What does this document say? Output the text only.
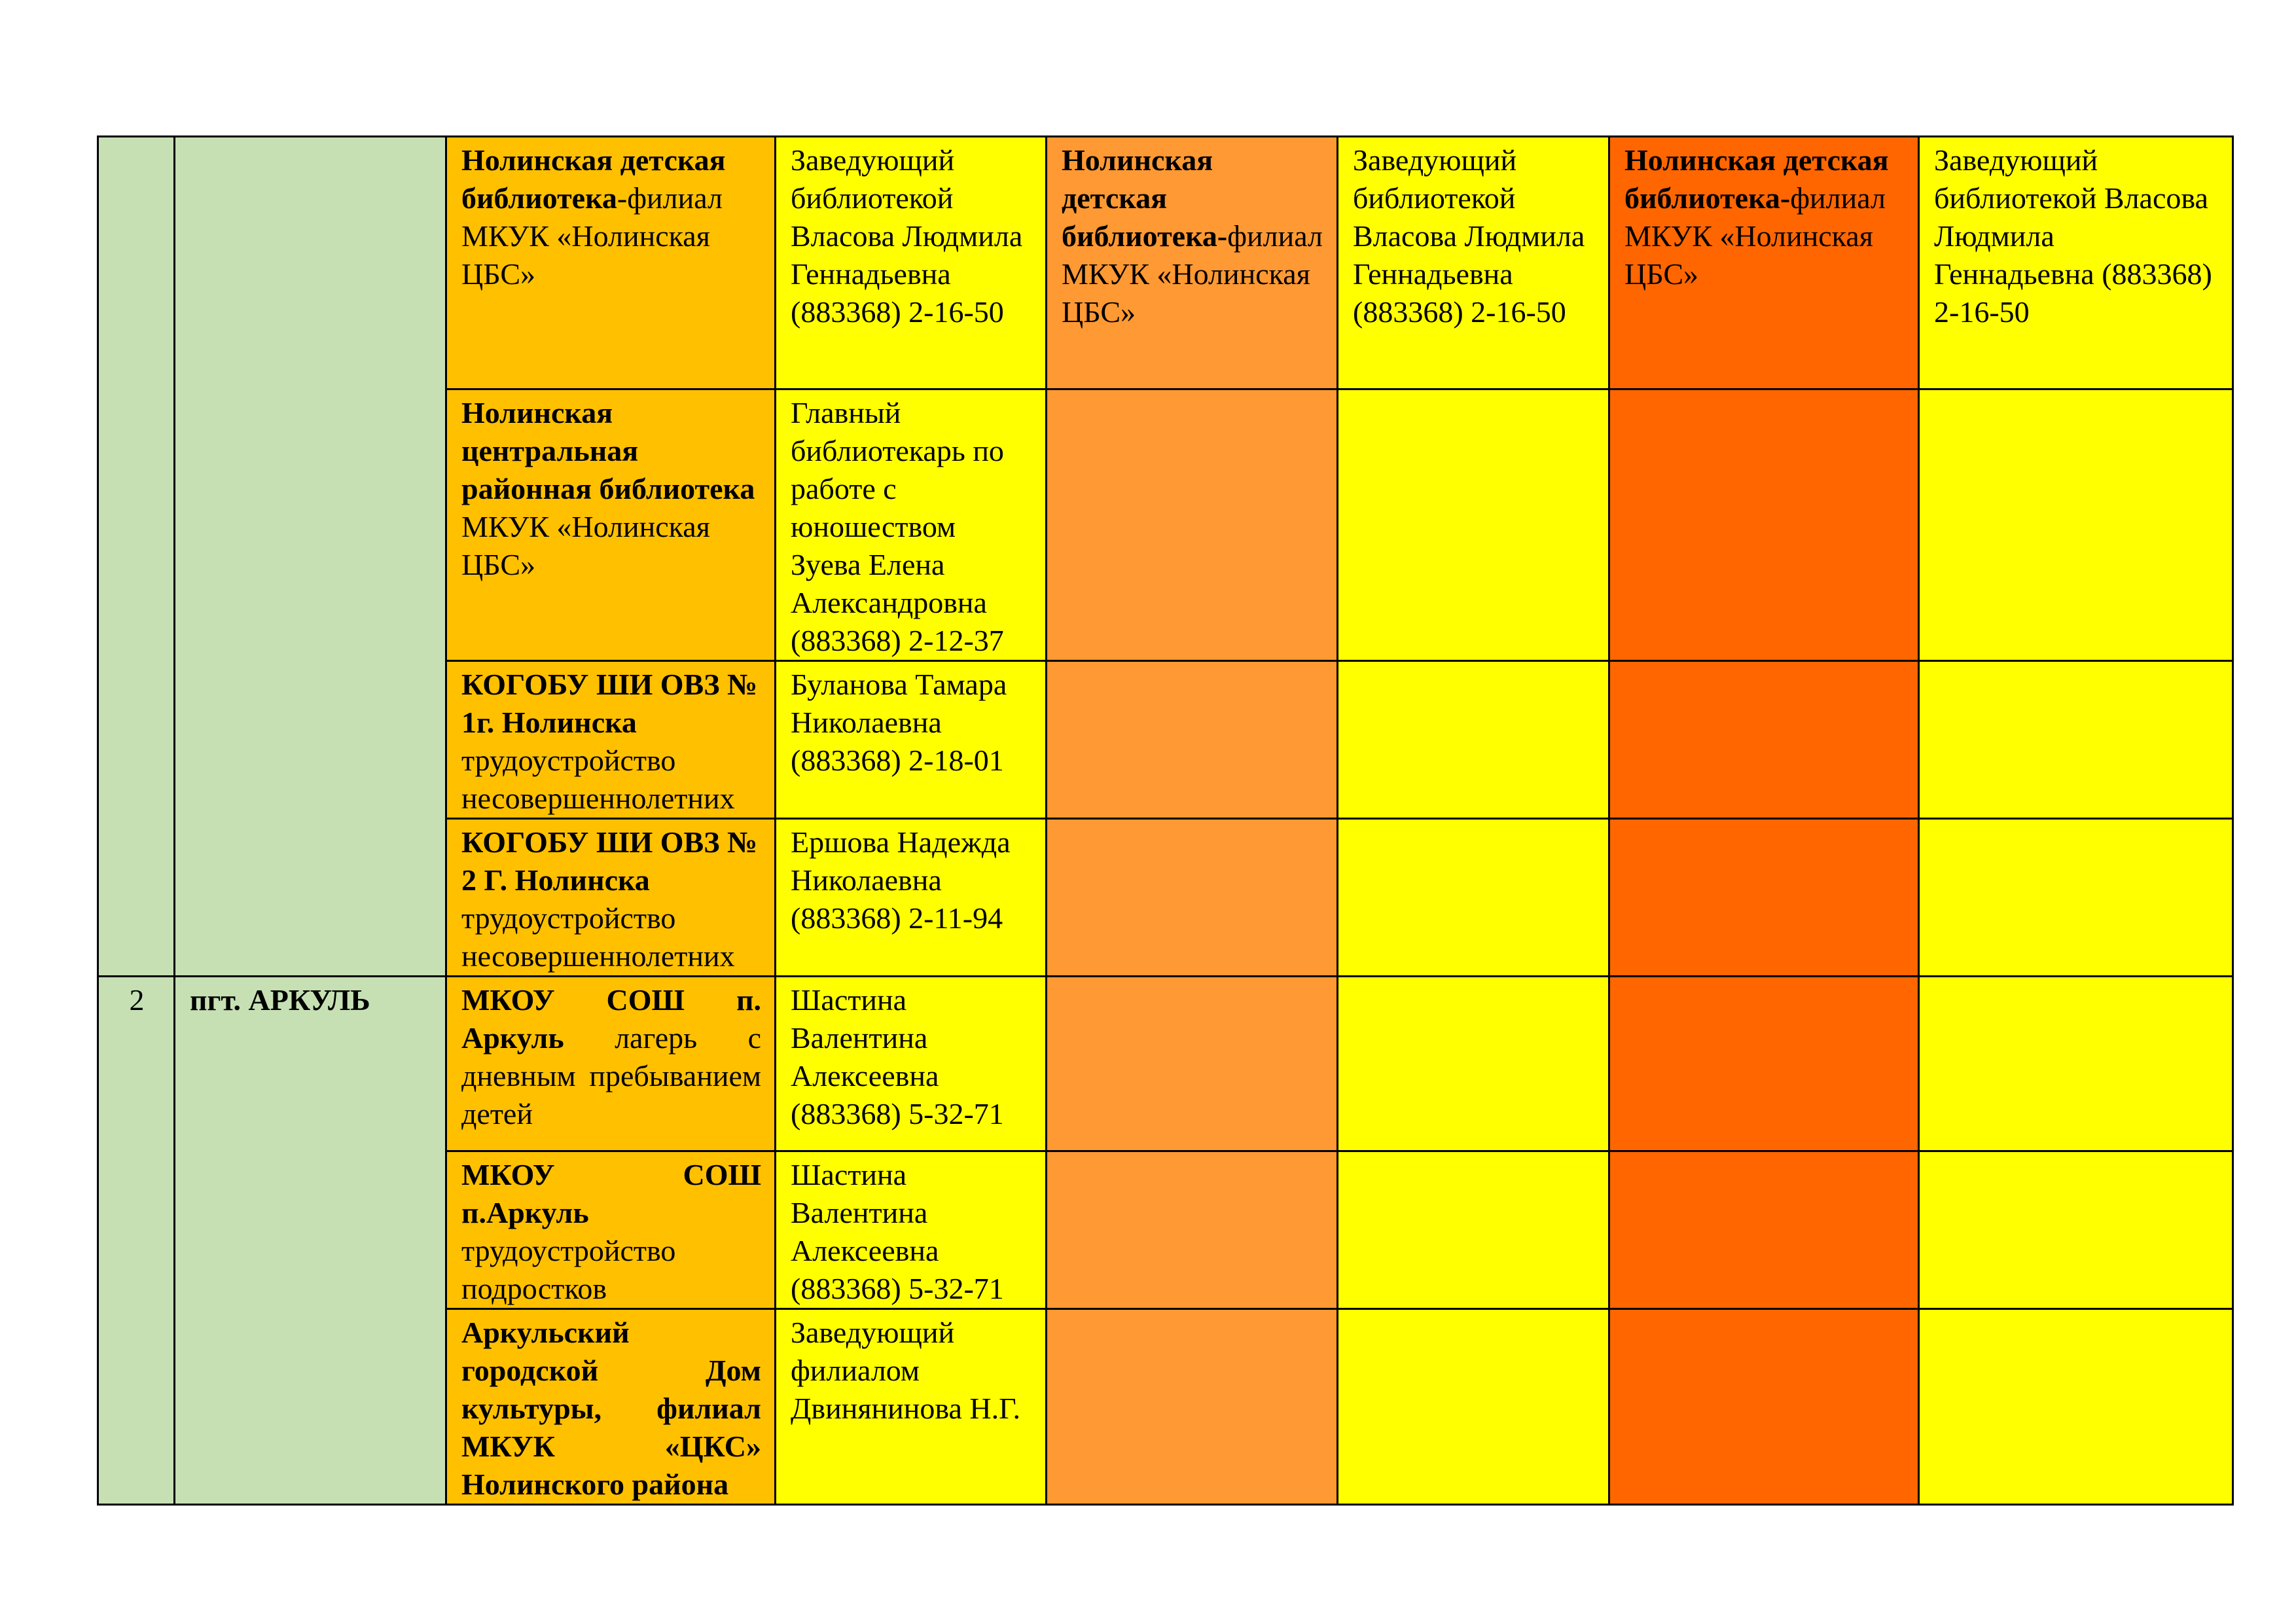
		Нолинская детская библиотека-филиал МКУК «Нолинская ЦБС»	Заведующий библиотекой Власова Людмила Геннадьевна (883368) 2-16-50	Нолинская детская библиотека-филиал МКУК «Нолинская ЦБС»	Заведующий библиотекой Власова Людмила Геннадьевна (883368) 2-16-50	Нолинская детская библиотека-филиал МКУК «Нолинская ЦБС»	Заведующий библиотекой Власова Людмила Геннадьевна (883368) 2-16-50
		Нолинская центральная районная библиотека МКУК «Нолинская ЦБС»	Главный библиотекарь по работе с юношеством Зуева Елена Александровна (883368) 2-12-37				
		КОГОБУ ШИ ОВЗ № 1г. Нолинска трудоустройство несовершеннолетних	Буланова Тамара Николаевна (883368) 2-18-01				
		КОГОБУ ШИ ОВЗ № 2 Г. Нолинска трудоустройство несовершеннолетних	Ершова Надежда Николаевна (883368) 2-11-94				
2	пгт. АРКУЛЬ	МКОУ СОШ п. Аркуль лагерь с дневным пребыванием детей	Шастина Валентина Алексеевна (883368) 5-32-71				
		МКОУ СОШ п.Аркуль трудоустройство подростков	Шастина Валентина Алексеевна (883368) 5-32-71				
		Аркульский городской Дом культуры, филиал МКУК «ЦКС» Нолинского района	Заведующий филиалом Двинянинова Н.Г.				
